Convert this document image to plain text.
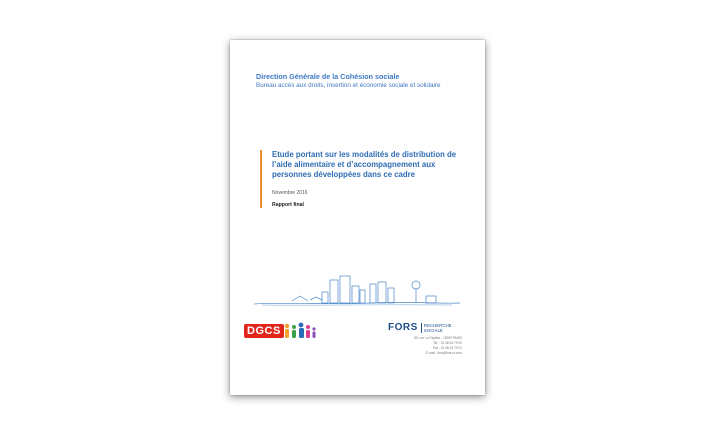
Direction Générale de la Cohésion sociale
Bureau accès aux droits, insertion et économie sociale et solidaire
Etude portant sur les modalités de distribution de l’aide alimentaire et d’accompagnement aux personnes développées dans ce cadre
Novembre 2016
Rapport final
DGCS	FORS	RECHERCHE
SOCIALE
89, rue La Fayette - 75009 PARIS
Tel. : 01 48 24 79 00
Fax : 01 48 24 79 01
E-mail : fors@fors-rs.com
